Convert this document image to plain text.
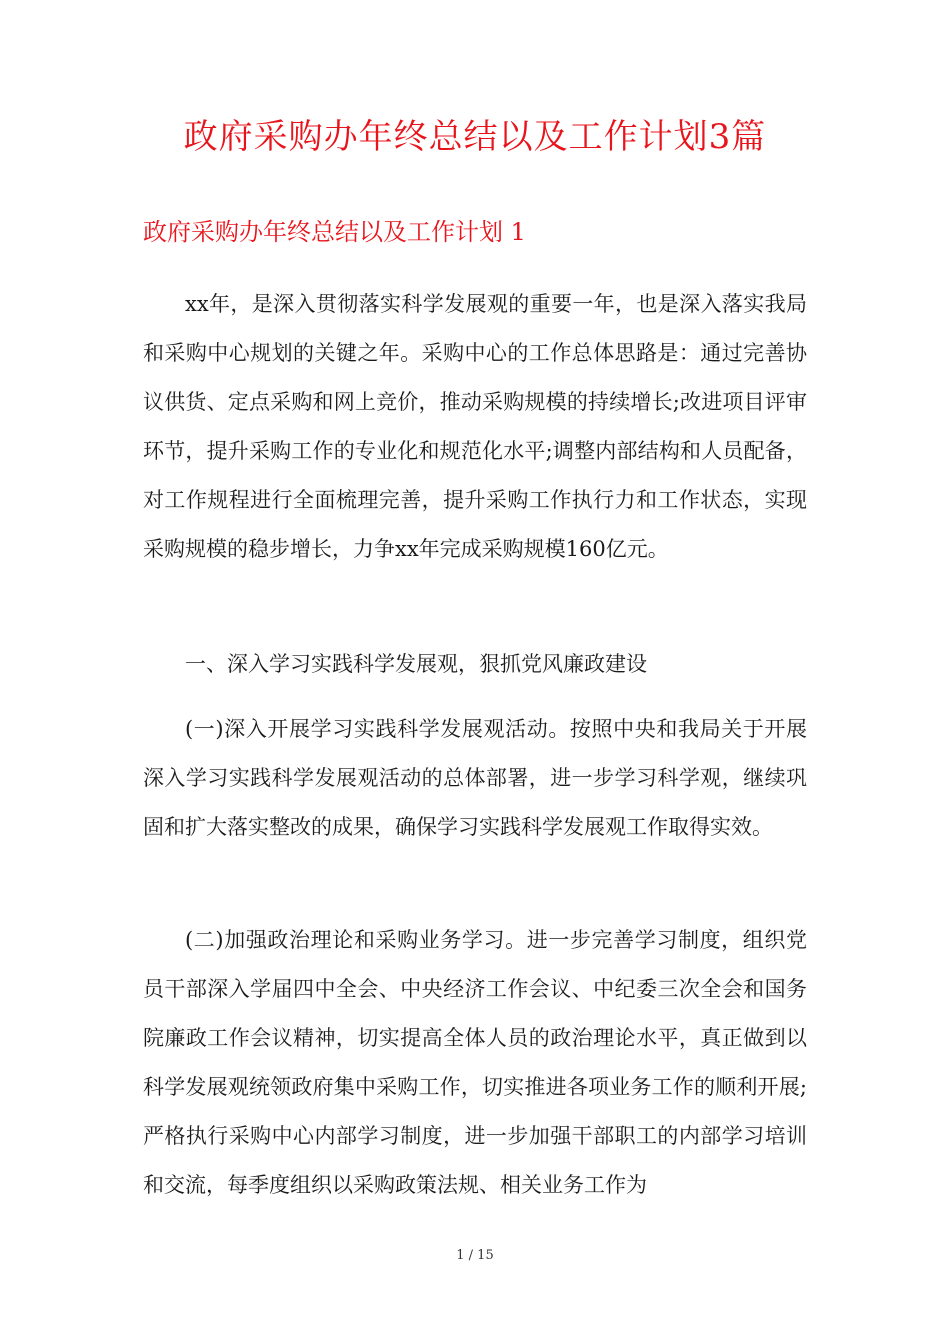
政府采购办年终总结以及工作计划3篇
政府采购办年终总结以及工作计划 1

xx年，是深入贯彻落实科学发展观的重要一年，也是深入落实我局和采购中心规划的关键之年。采购中心的工作总体思路是：通过完善协议供货、定点采购和网上竞价，推动采购规模的持续增长;改进项目评审环节，提升采购工作的专业化和规范化水平;调整内部结构和人员配备，对工作规程进行全面梳理完善，提升采购工作执行力和工作状态，实现采购规模的稳步增长，力争xx年完成采购规模160亿元。

一、深入学习实践科学发展观，狠抓党风廉政建设

(一)深入开展学习实践科学发展观活动。按照中央和我局关于开展深入学习实践科学发展观活动的总体部署，进一步学习科学观，继续巩固和扩大落实整改的成果，确保学习实践科学发展观工作取得实效。

(二)加强政治理论和采购业务学习。进一步完善学习制度，组织党员干部深入学届四中全会、中央经济工作会议、中纪委三次全会和国务院廉政工作会议精神，切实提高全体人员的政治理论水平，真正做到以科学发展观统领政府集中采购工作，切实推进各项业务工作的顺利开展;严格执行采购中心内部学习制度，进一步加强干部职工的内部学习培训和交流，每季度组织以采购政策法规、相关业务工作为

1 / 15
